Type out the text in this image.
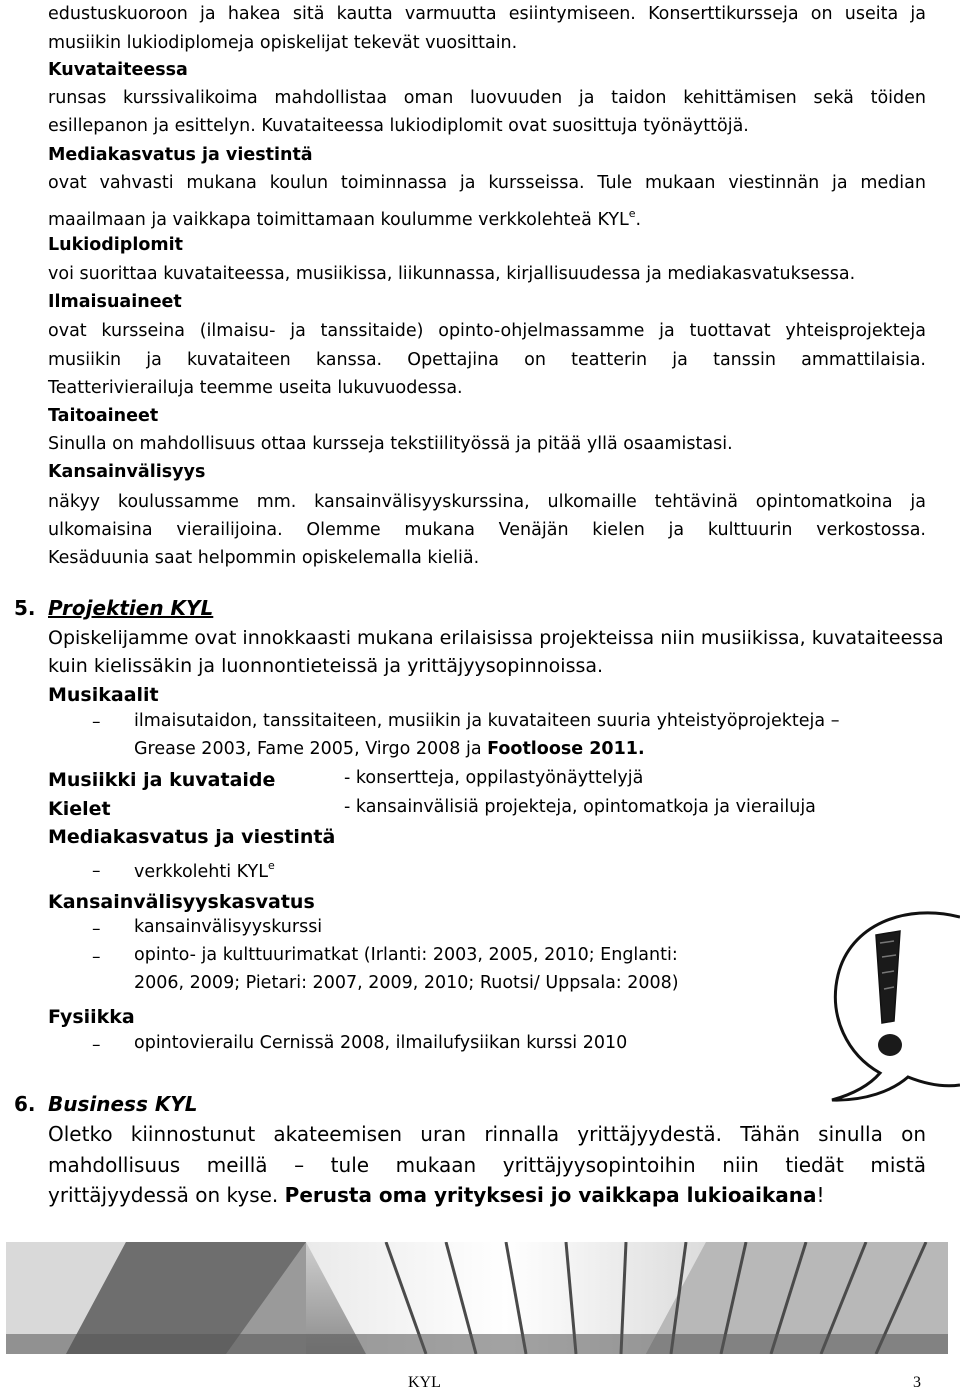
edustuskuoroon ja hakea sitä kautta varmuutta esiintymiseen. Konserttikursseja on useita ja
musiikin lukiodiplomeja opiskelijat tekevät vuosittain.
Kuvataiteessa
runsas kurssivalikoima mahdollistaa oman luovuuden ja taidon kehittämisen sekä töiden
esillepanon ja esittelyn. Kuvataiteessa lukiodiplomit ovat suosittuja työnäyttöjä.
Mediakasvatus ja viestintä
ovat vahvasti mukana koulun toiminnassa ja kursseissa. Tule mukaan viestinnän ja median
maailmaan ja vaikkapa toimittamaan koulumme verkkolehteä KYL$^e$.
Lukiodiplomit
voi suorittaa kuvataiteessa, musiikissa, liikunnassa, kirjallisuudessa ja mediakasvatuksessa.
Ilmaisuaineet
ovat kursseina (ilmaisu- ja tanssitaide) opinto-ohjelmassamme ja tuottavat yhteisprojekteja
musiikin ja kuvataiteen kanssa. Opettajina on teatterin ja tanssin ammattilaisia.
Teatterivierailuja teemme useita lukuvuodessa.
Taitoaineet
Sinulla on mahdollisuus ottaa kursseja tekstiilityössä ja pitää yllä osaamistasi.
Kansainvälisyys
näkyy koulussamme mm. kansainvälisyyskurssina, ulkomaille tehtävinä opintomatkoina ja
ulkomaisina vierailijoina. Olemme mukana Venäjän kielen ja kulttuurin verkostossa.
Kesäduunia saat helpommin opiskelemalla kieliä.
5. Projektien KYL
Opiskelijamme ovat innokkaasti mukana erilaisissa projekteissa niin musiikissa, kuvataiteessa
kuin kielissäkin ja luonnontieteissä ja yrittäjyysopinnoissa.
Musikaalit
– ilmaisutaidon, tanssitaiteen, musiikin ja kuvataiteen suuria yhteistyöprojekteja –
Grease 2003, Fame 2005, Virgo 2008 ja Footloose 2011.
Musiikki ja kuvataide	- konsertteja, oppilastyönäyttelyjä
Kielet	- kansainvälisiä projekteja, opintomatkoja ja vierailuja
Mediakasvatus ja viestintä
– verkkolehti KYL$^e$
Kansainvälisyyskasvatus
– kansainvälisyyskurssi
– opinto- ja kulttuurimatkat (Irlanti: 2003, 2005, 2010; Englanti:
2006, 2009; Pietari: 2007, 2009, 2010; Ruotsi/ Uppsala: 2008)
Fysiikka
– opintovierailu Cernissä 2008, ilmailufysiikan kurssi 2010
6. Business KYL
Oletko kiinnostunut akateemisen uran rinnalla yrittäjyydestä. Tähän sinulla on
mahdollisuus meillä – tule mukaan yrittäjyysopintoihin niin tiedät mistä
yrittäjyydessä on kyse. Perusta oma yrityksesi jo vaikkapa lukioaikana!
KYL	3
